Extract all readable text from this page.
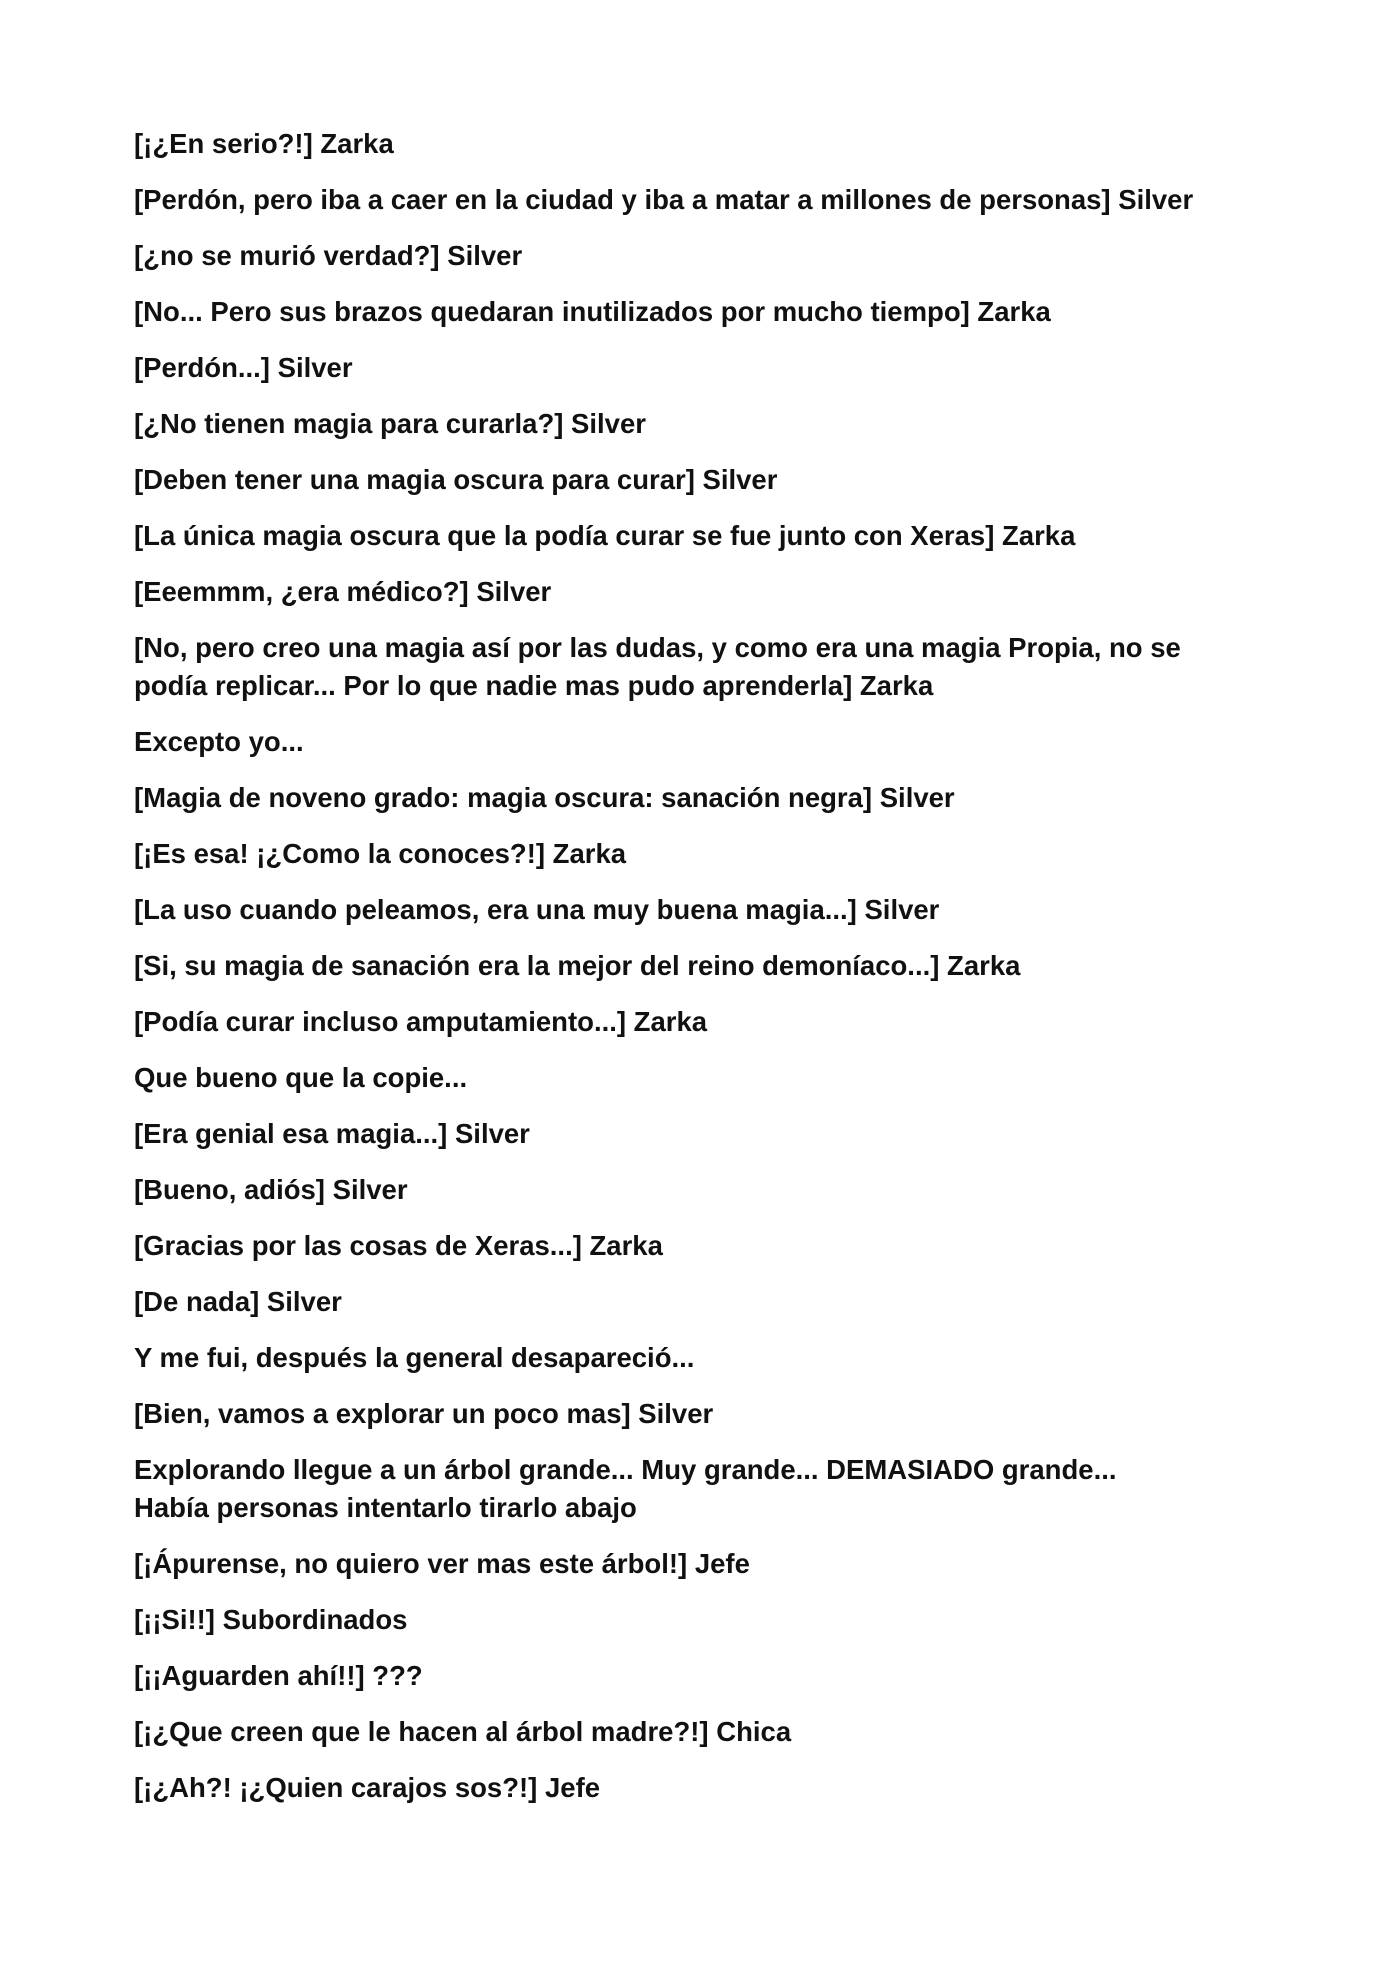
[¡¿En serio?!] Zarka

[Perdón, pero iba a caer en la ciudad y iba a matar a millones de personas] Silver

[¿no se murió verdad?] Silver

[No... Pero sus brazos quedaran inutilizados por mucho tiempo] Zarka

[Perdón...] Silver

[¿No tienen magia para curarla?] Silver

[Deben tener una magia oscura para curar] Silver

[La única magia oscura que la podía curar se fue junto con Xeras] Zarka

[Eeemmm, ¿era médico?] Silver

[No, pero creo una magia así por las dudas, y como era una magia Propia, no se
podía replicar... Por lo que nadie mas pudo aprenderla] Zarka

Excepto yo...

[Magia de noveno grado: magia oscura: sanación negra] Silver

[¡Es esa! ¡¿Como la conoces?!] Zarka

[La uso cuando peleamos, era una muy buena magia...] Silver

[Si, su magia de sanación era la mejor del reino demoníaco...] Zarka

[Podía curar incluso amputamiento...] Zarka

Que bueno que la copie...

[Era genial esa magia...] Silver

[Bueno, adiós] Silver

[Gracias por las cosas de Xeras...] Zarka

[De nada] Silver

Y me fui, después la general desapareció...

[Bien, vamos a explorar un poco mas] Silver

Explorando llegue a un árbol grande... Muy grande... DEMASIADO grande...
Había personas intentarlo tirarlo abajo

[¡Ápurense, no quiero ver mas este árbol!] Jefe

[¡¡Si!!] Subordinados

[¡¡Aguarden ahí!!] ???

[¡¿Que creen que le hacen al árbol madre?!] Chica

[¡¿Ah?! ¡¿Quien carajos sos?!] Jefe
